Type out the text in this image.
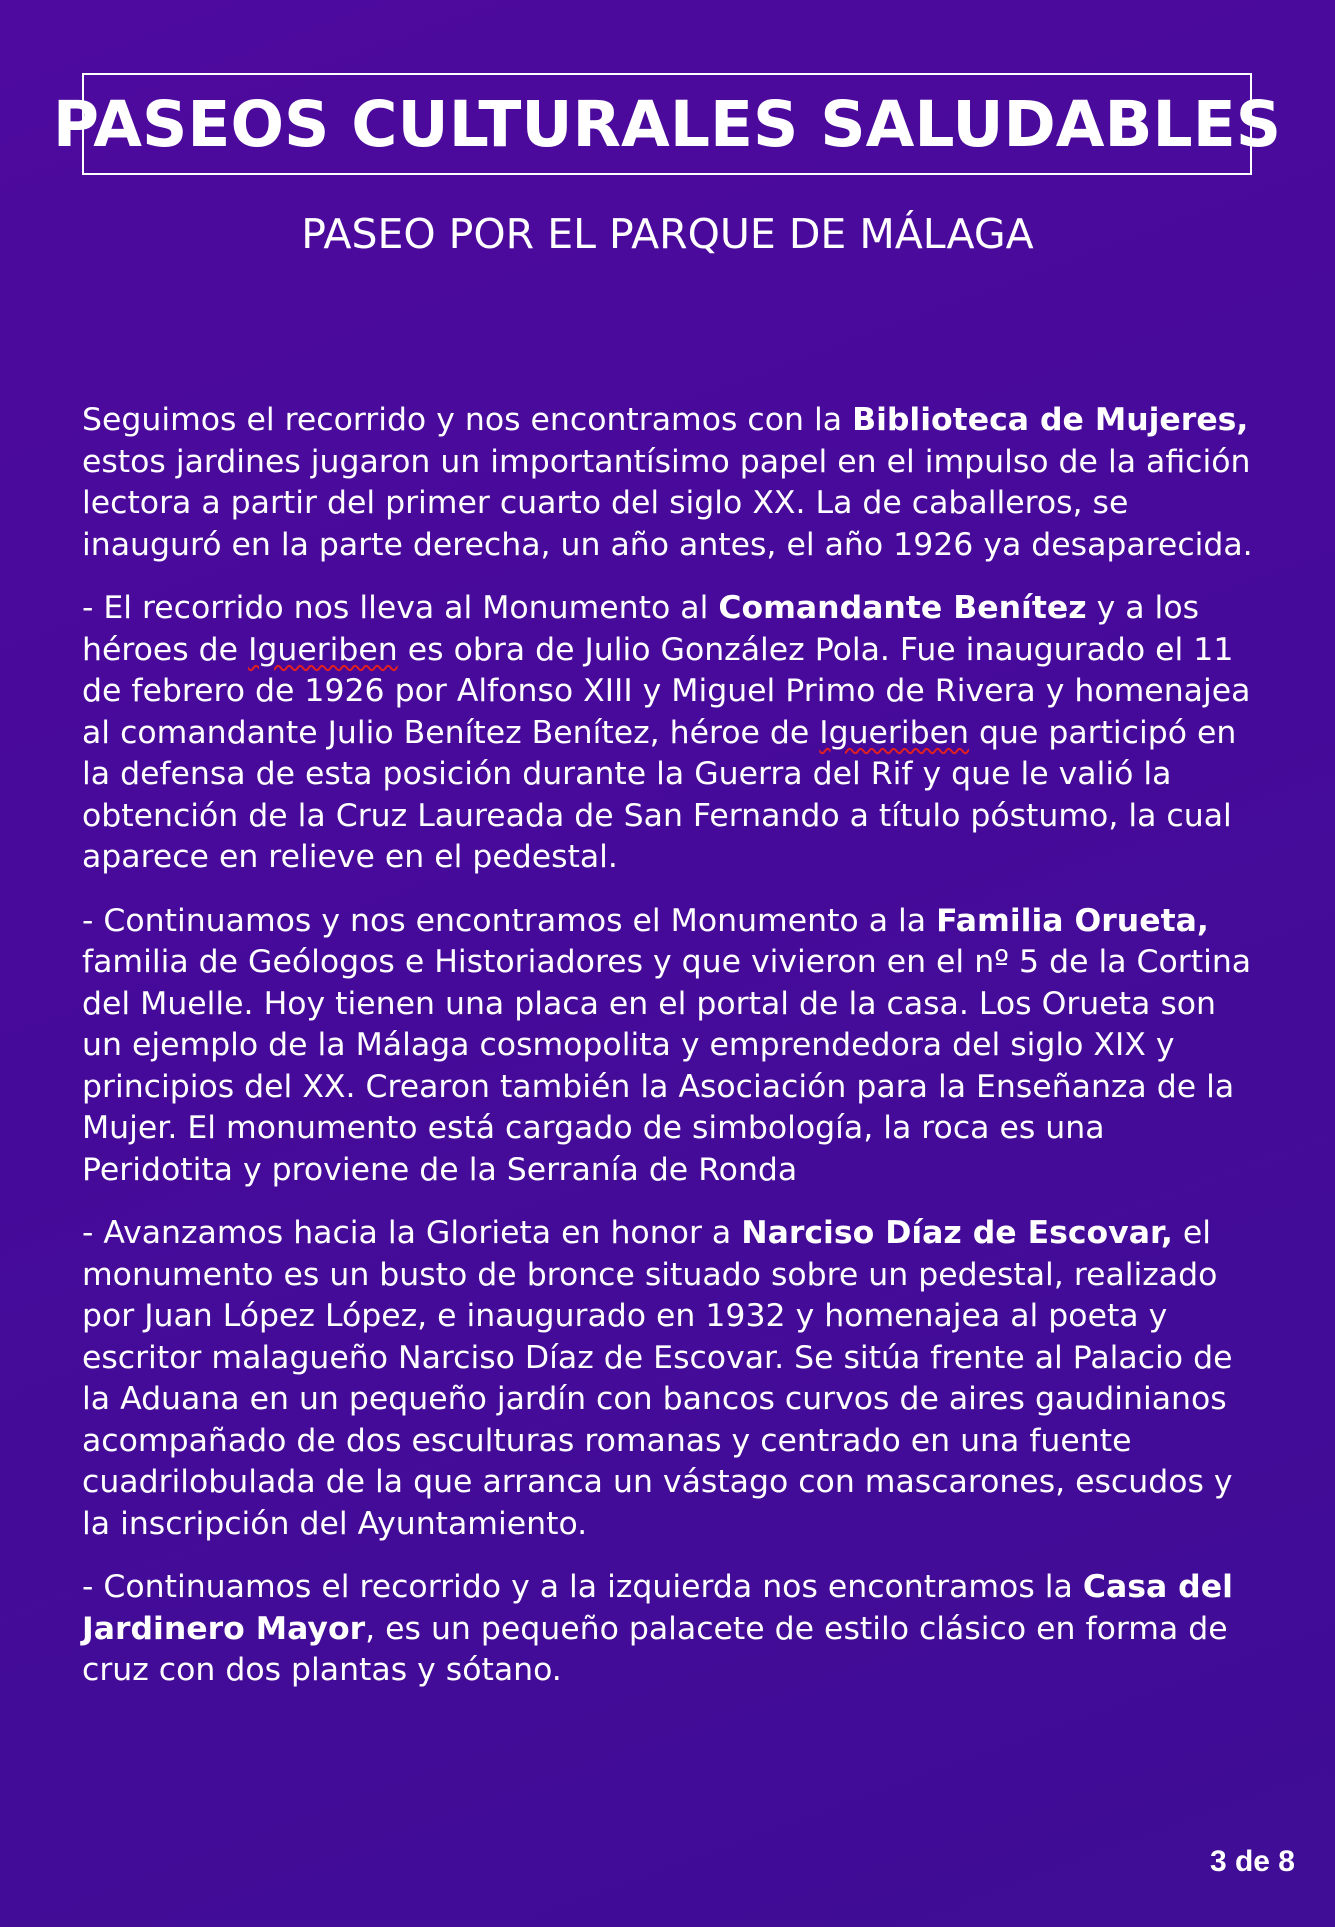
PASEOS CULTURALES SALUDABLES
PASEO POR EL PARQUE DE MÁLAGA

Seguimos el recorrido y nos encontramos con la Biblioteca de Mujeres, estos jardines jugaron un importantísimo papel en el impulso de la afición lectora a partir del primer cuarto del siglo XX. La de caballeros, se inauguró en la parte derecha, un año antes, el año 1926 ya desaparecida.

- El recorrido nos lleva al Monumento al Comandante Benítez y a los héroes de Igueriben es obra de Julio González Pola. Fue inaugurado el 11 de febrero de 1926 por Alfonso XIII y Miguel Primo de Rivera y homenajea al comandante Julio Benítez Benítez, héroe de Igueriben que participó en la defensa de esta posición durante la Guerra del Rif y que le valió la obtención de la Cruz Laureada de San Fernando a título póstumo, la cual aparece en relieve en el pedestal.

- Continuamos y nos encontramos el Monumento a la Familia Orueta, familia de Geólogos e Historiadores y que vivieron en el nº 5 de la Cortina del Muelle. Hoy tienen una placa en el portal de la casa. Los Orueta son un ejemplo de la Málaga cosmopolita y emprendedora del siglo XIX y principios del XX. Crearon también la Asociación para la Enseñanza de la Mujer. El monumento está cargado de simbología, la roca es una Peridotita y proviene de la Serranía de Ronda

- Avanzamos hacia la Glorieta en honor a Narciso Díaz de Escovar, el monumento es un busto de bronce situado sobre un pedestal, realizado por Juan López López, e inaugurado en 1932 y homenajea al poeta y escritor malagueño Narciso Díaz de Escovar. Se sitúa frente al Palacio de la Aduana en un pequeño jardín con bancos curvos de aires gaudinianos acompañado de dos esculturas romanas y centrado en una fuente cuadrilobulada de la que arranca un vástago con mascarones, escudos y la inscripción del Ayuntamiento.

- Continuamos el recorrido y a la izquierda nos encontramos la Casa del Jardinero Mayor, es un pequeño palacete de estilo clásico en forma de cruz con dos plantas y sótano.

3 de 8
